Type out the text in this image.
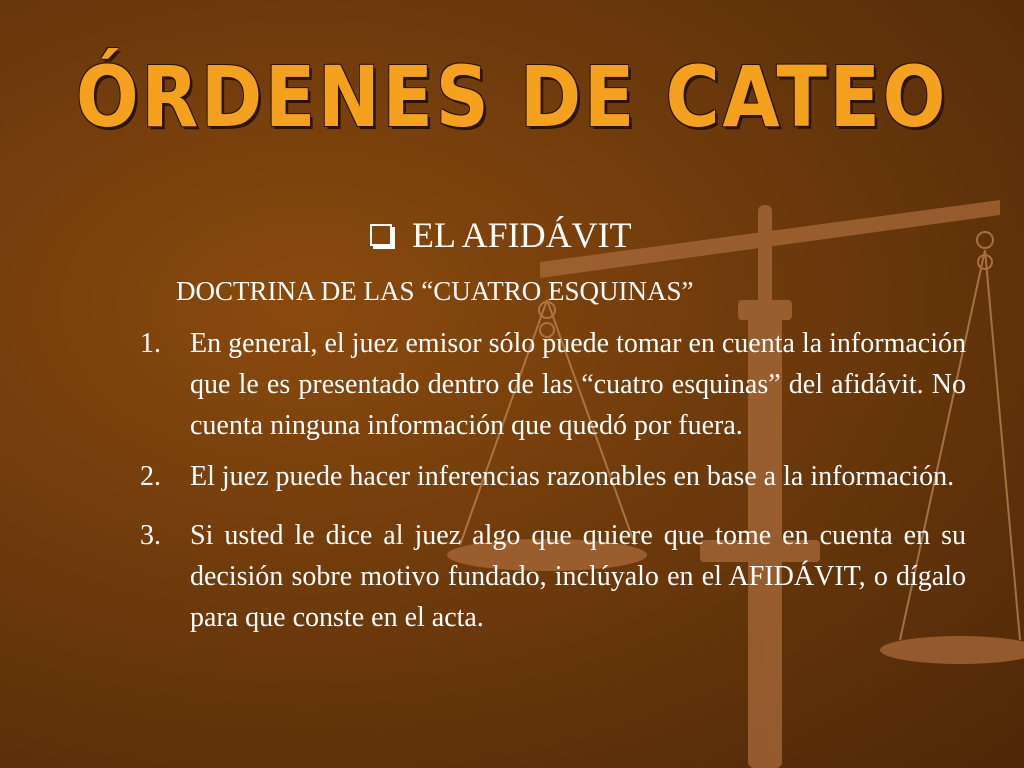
ÓRDENES DE CATEO
EL AFIDÁVIT
DOCTRINA DE LAS “CUATRO ESQUINAS”
1.	En general, el juez emisor sólo puede tomar en cuenta la información que le es presentado dentro de las “cuatro esquinas” del afidávit. No cuenta ninguna información que quedó por fuera.
2.	El juez puede hacer inferencias razonables en base a la información.
3.	Si usted le dice al juez algo que quiere que tome en cuenta en su decisión sobre motivo fundado, inclúyalo en el AFIDÁVIT, o dígalo para que conste en el acta.
